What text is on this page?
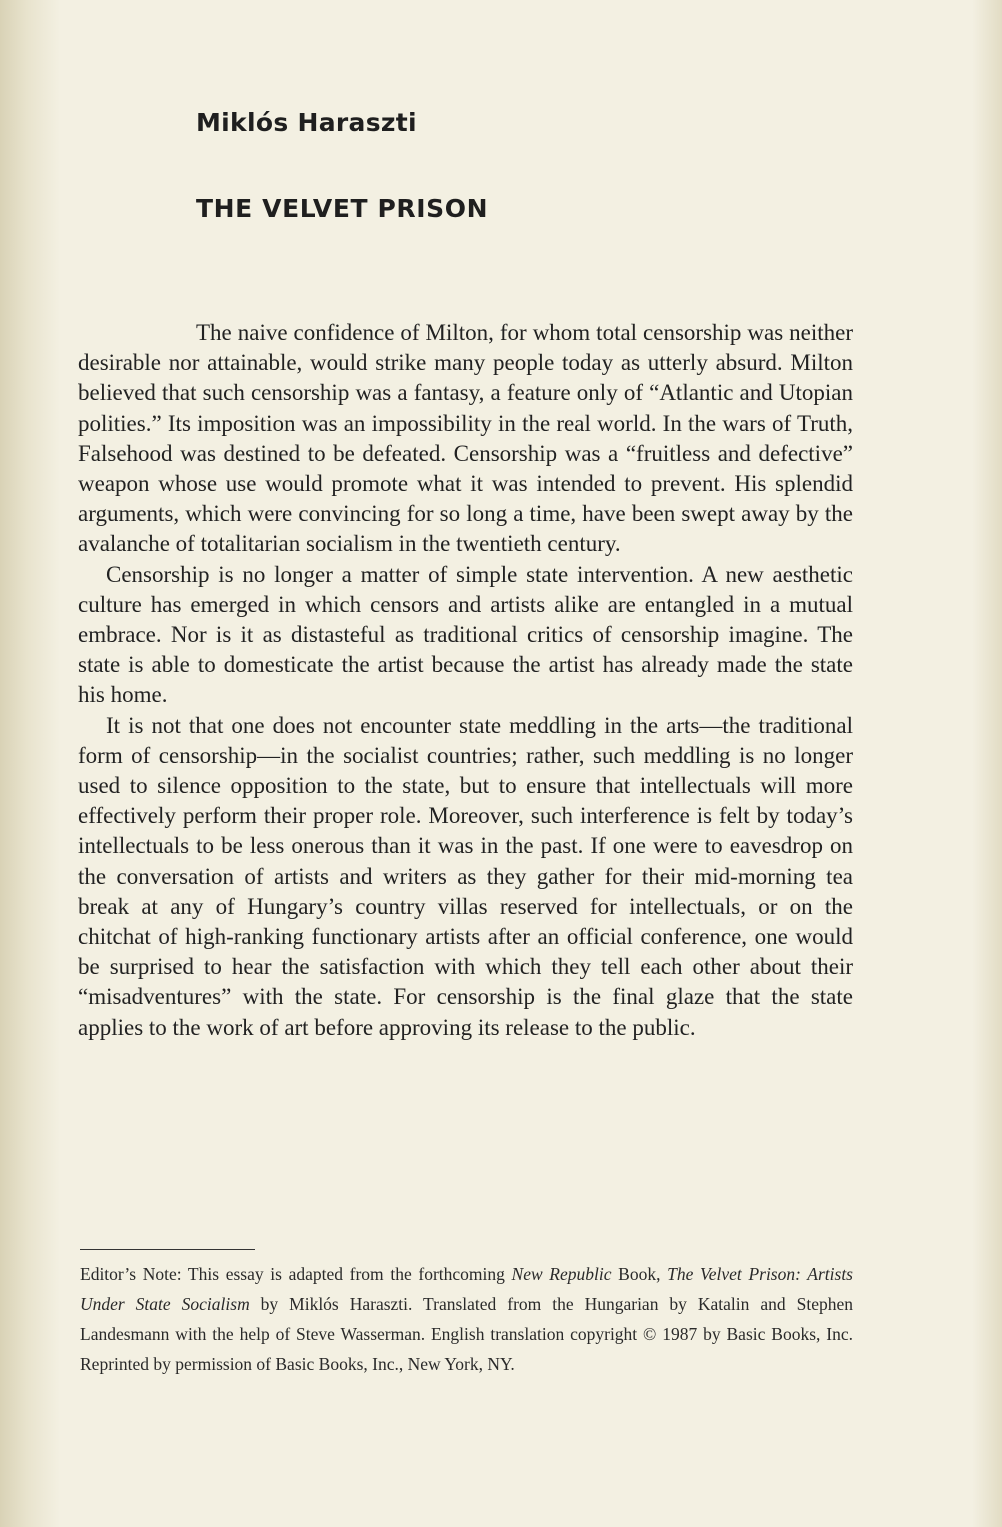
Miklós Haraszti
THE VELVET PRISON

The naive confidence of Milton, for whom total censorship was neither desirable nor attainable, would strike many people today as utterly absurd. Milton believed that such censorship was a fantasy, a feature only of “Atlantic and Utopian polities.” Its imposition was an impossibility in the real world. In the wars of Truth, Falsehood was destined to be defeated. Censorship was a “fruitless and defective” weapon whose use would promote what it was intended to prevent. His splendid arguments, which were convincing for so long a time, have been swept away by the avalanche of totalitarian socialism in the twentieth century.

Censorship is no longer a matter of simple state intervention. A new aesthetic culture has emerged in which censors and artists alike are entangled in a mutual embrace. Nor is it as distasteful as traditional critics of censorship imagine. The state is able to domesticate the artist because the artist has already made the state his home.

It is not that one does not encounter state meddling in the arts—the traditional form of censorship—in the socialist countries; rather, such meddling is no longer used to silence opposition to the state, but to ensure that intellectuals will more effectively perform their proper role. Moreover, such interference is felt by today’s intellectuals to be less onerous than it was in the past. If one were to eavesdrop on the conversation of artists and writers as they gather for their mid-morning tea break at any of Hungary’s country villas reserved for intellectuals, or on the chitchat of high-ranking functionary artists after an official conference, one would be surprised to hear the satisfaction with which they tell each other about their “misadventures” with the state. For censorship is the final glaze that the state applies to the work of art before approving its release to the public.

Editor’s Note: This essay is adapted from the forthcoming New Republic Book, The Velvet Prison: Artists Under State Socialism by Miklós Haraszti. Translated from the Hungarian by Katalin and Stephen Landesmann with the help of Steve Wasserman. English translation copyright © 1987 by Basic Books, Inc. Reprinted by permission of Basic Books, Inc., New York, NY.
